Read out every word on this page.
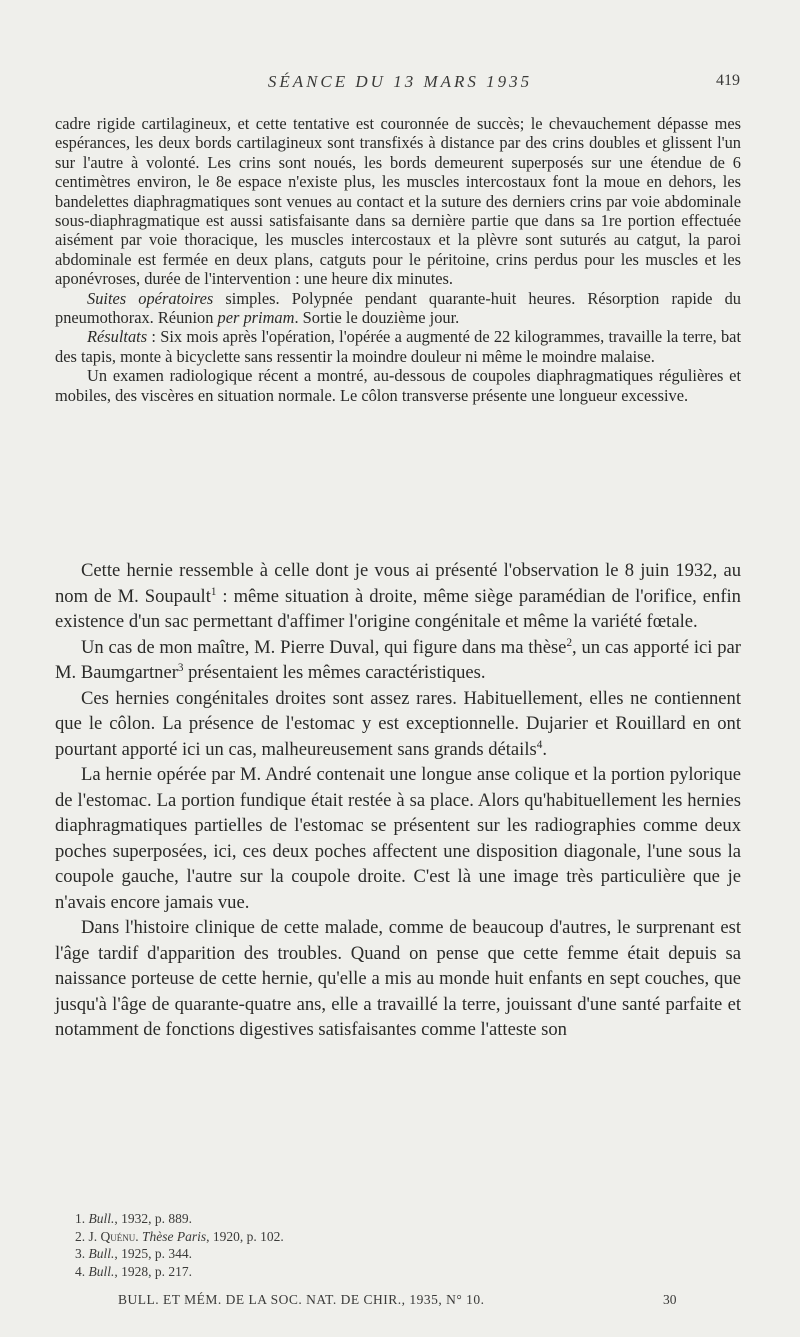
SÉANCE DU 13 MARS 1935	419

cadre rigide cartilagineux, et cette tentative est couronnée de succès; le chevauchement dépasse mes espérances, les deux bords cartilagineux sont transfixés à distance par des crins doubles et glissent l'un sur l'autre à volonté. Les crins sont noués, les bords demeurent superposés sur une étendue de 6 centimètres environ, le 8e espace n'existe plus, les muscles intercostaux font la moue en dehors, les bandelettes diaphragmatiques sont venues au contact et la suture des derniers crins par voie abdominale sous-diaphragmatique est aussi satisfaisante dans sa dernière partie que dans sa 1re portion effectuée aisément par voie thoracique, les muscles intercostaux et la plèvre sont suturés au catgut, la paroi abdominale est fermée en deux plans, catguts pour le péritoine, crins perdus pour les muscles et les aponévroses, durée de l'intervention : une heure dix minutes.

Suites opératoires simples. Polypnée pendant quarante-huit heures. Résorption rapide du pneumothorax. Réunion per primam. Sortie le douzième jour.

Résultats : Six mois après l'opération, l'opérée a augmenté de 22 kilogrammes, travaille la terre, bat des tapis, monte à bicyclette sans ressentir la moindre douleur ni même le moindre malaise.

Un examen radiologique récent a montré, au-dessous de coupoles diaphragmatiques régulières et mobiles, des viscères en situation normale. Le côlon transverse présente une longueur excessive.

Cette hernie ressemble à celle dont je vous ai présenté l'observation le 8 juin 1932, au nom de M. Soupault$^1$ : même situation à droite, même siège paramédian de l'orifice, enfin existence d'un sac permettant d'affimer l'origine congénitale et même la variété fœtale.

Un cas de mon maître, M. Pierre Duval, qui figure dans ma thèse$^2$, un cas apporté ici par M. Baumgartner$^3$ présentaient les mêmes caractéristiques.

Ces hernies congénitales droites sont assez rares. Habituellement, elles ne contiennent que le côlon. La présence de l'estomac y est exceptionnelle. Dujarier et Rouillard en ont pourtant apporté ici un cas, malheureusement sans grands détails$^4$.

La hernie opérée par M. André contenait une longue anse colique et la portion pylorique de l'estomac. La portion fundique était restée à sa place. Alors qu'habituellement les hernies diaphragmatiques partielles de l'estomac se présentent sur les radiographies comme deux poches superposées, ici, ces deux poches affectent une disposition diagonale, l'une sous la coupole gauche, l'autre sur la coupole droite. C'est là une image très particulière que je n'avais encore jamais vue.

Dans l'histoire clinique de cette malade, comme de beaucoup d'autres, le surprenant est l'âge tardif d'apparition des troubles. Quand on pense que cette femme était depuis sa naissance porteuse de cette hernie, qu'elle a mis au monde huit enfants en sept couches, que jusqu'à l'âge de quarante-quatre ans, elle a travaillé la terre, jouissant d'une santé parfaite et notamment de fonctions digestives satisfaisantes comme l'atteste son

1. Bull., 1932, p. 889.
2. J. Quénu. Thèse Paris, 1920, p. 102.
3. Bull., 1925, p. 344.
4. Bull., 1928, p. 217.
BULL. ET MÉM. DE LA SOC. NAT. DE CHIR., 1935, N° 10.	30
